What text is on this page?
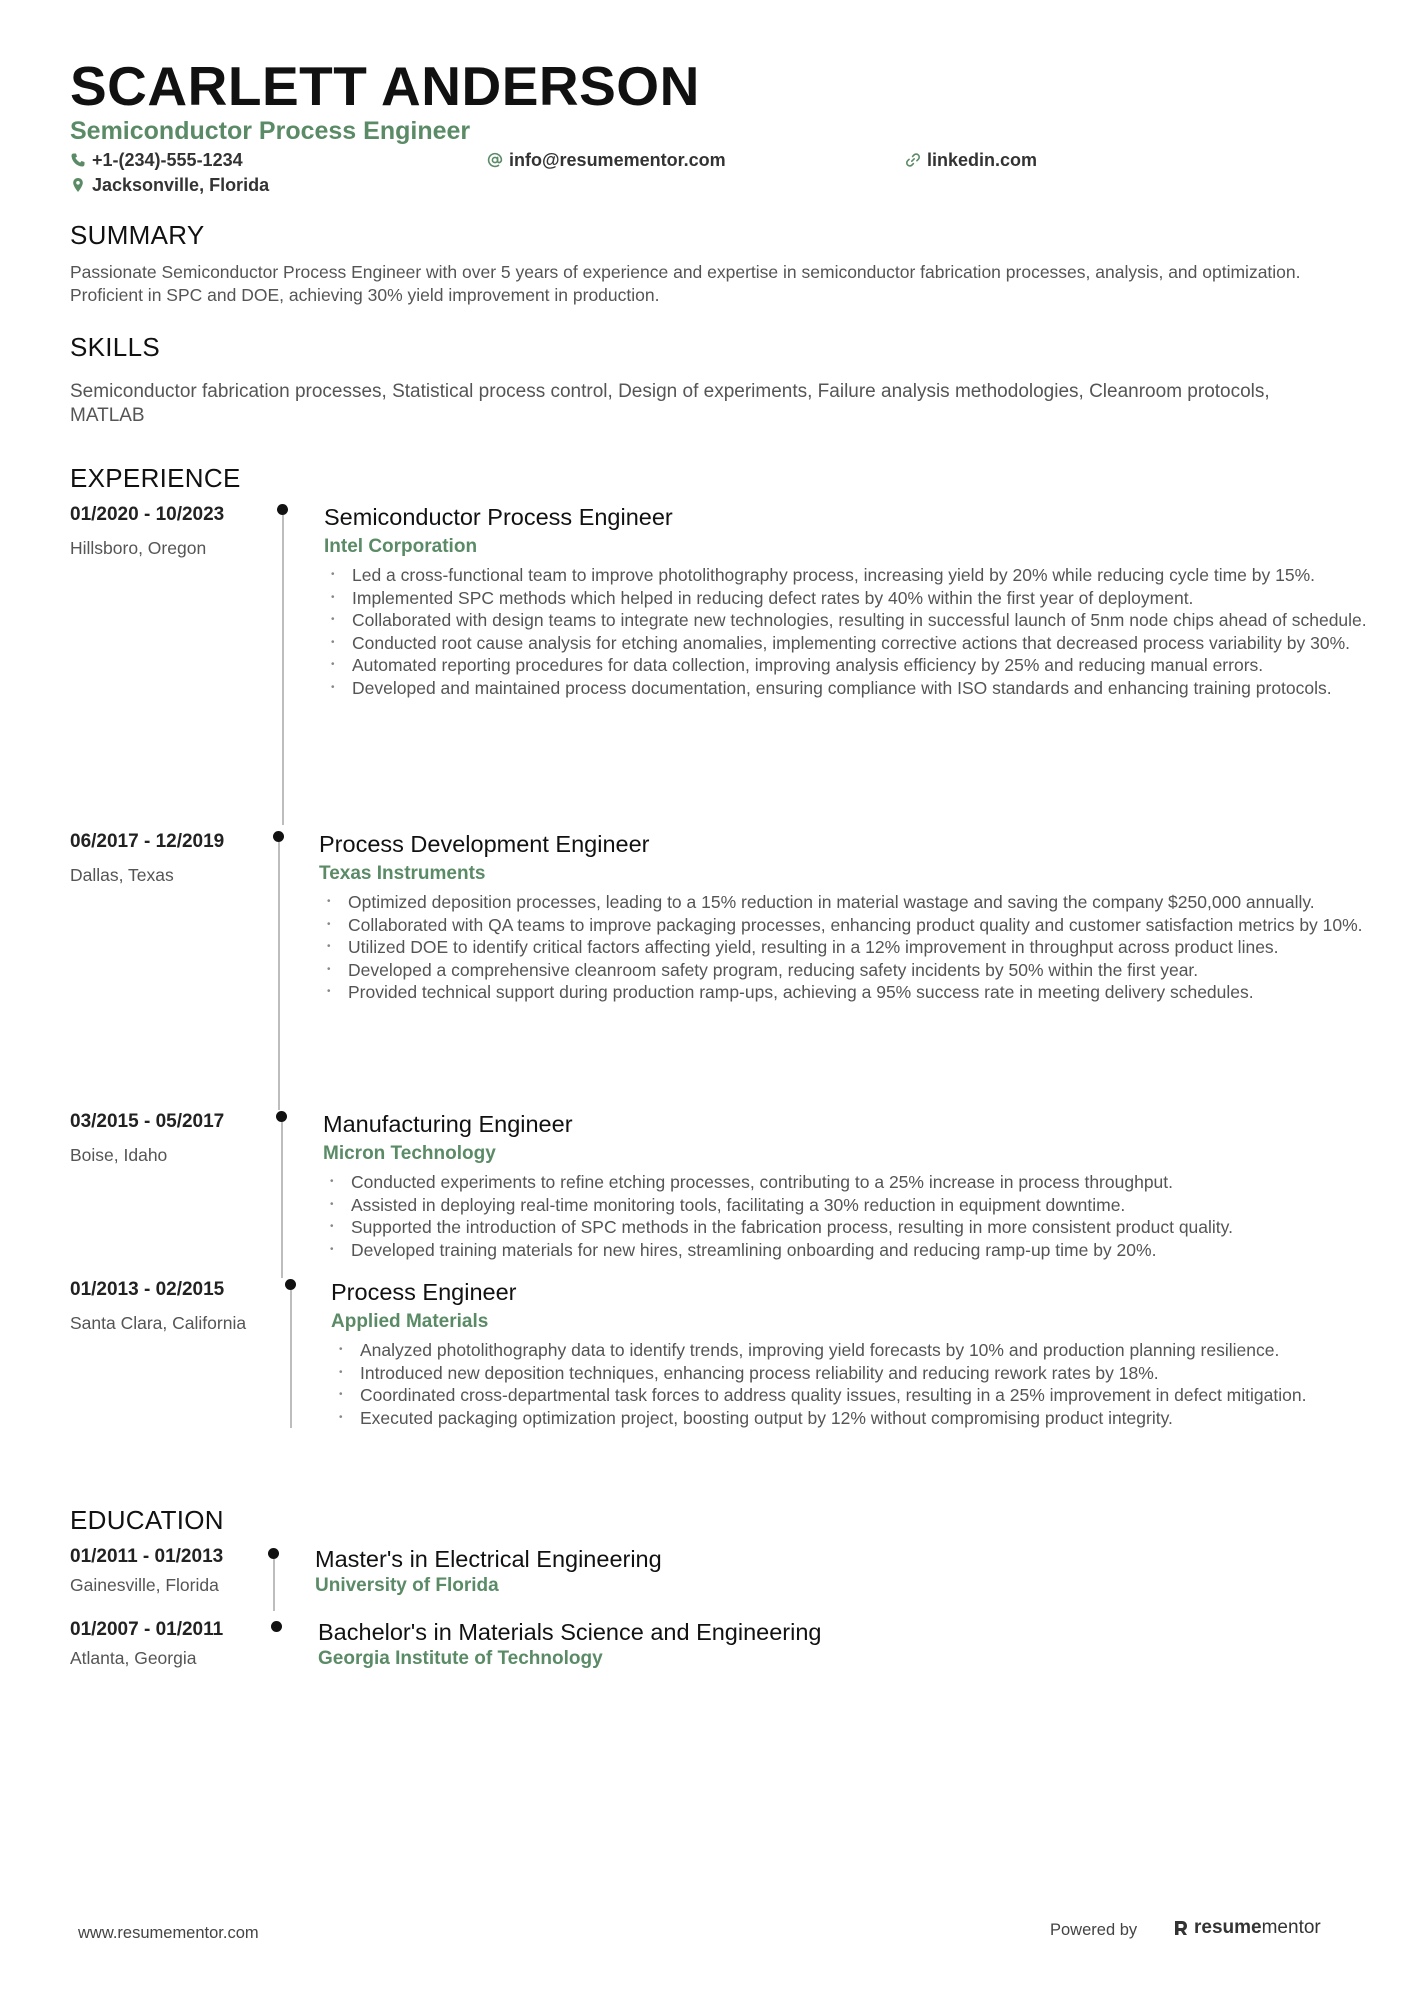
SCARLETT ANDERSON
Semiconductor Process Engineer
+1-(234)-555-1234	info@resumementor.com	linkedin.com
Jacksonville, Florida
SUMMARY
Passionate Semiconductor Process Engineer with over 5 years of experience and expertise in semiconductor fabrication processes, analysis, and optimization. Proficient in SPC and DOE, achieving 30% yield improvement in production.
SKILLS
Semiconductor fabrication processes, Statistical process control, Design of experiments, Failure analysis methodologies, Cleanroom protocols, MATLAB
EXPERIENCE
01/2020 - 10/2023
Hillsboro, Oregon
Semiconductor Process Engineer
Intel Corporation
• Led a cross-functional team to improve photolithography process, increasing yield by 20% while reducing cycle time by 15%.
• Implemented SPC methods which helped in reducing defect rates by 40% within the first year of deployment.
• Collaborated with design teams to integrate new technologies, resulting in successful launch of 5nm node chips ahead of schedule.
• Conducted root cause analysis for etching anomalies, implementing corrective actions that decreased process variability by 30%.
• Automated reporting procedures for data collection, improving analysis efficiency by 25% and reducing manual errors.
• Developed and maintained process documentation, ensuring compliance with ISO standards and enhancing training protocols.
06/2017 - 12/2019
Dallas, Texas
Process Development Engineer
Texas Instruments
• Optimized deposition processes, leading to a 15% reduction in material wastage and saving the company $250,000 annually.
• Collaborated with QA teams to improve packaging processes, enhancing product quality and customer satisfaction metrics by 10%.
• Utilized DOE to identify critical factors affecting yield, resulting in a 12% improvement in throughput across product lines.
• Developed a comprehensive cleanroom safety program, reducing safety incidents by 50% within the first year.
• Provided technical support during production ramp-ups, achieving a 95% success rate in meeting delivery schedules.
03/2015 - 05/2017
Boise, Idaho
Manufacturing Engineer
Micron Technology
• Conducted experiments to refine etching processes, contributing to a 25% increase in process throughput.
• Assisted in deploying real-time monitoring tools, facilitating a 30% reduction in equipment downtime.
• Supported the introduction of SPC methods in the fabrication process, resulting in more consistent product quality.
• Developed training materials for new hires, streamlining onboarding and reducing ramp-up time by 20%.
01/2013 - 02/2015
Santa Clara, California
Process Engineer
Applied Materials
• Analyzed photolithography data to identify trends, improving yield forecasts by 10% and production planning resilience.
• Introduced new deposition techniques, enhancing process reliability and reducing rework rates by 18%.
• Coordinated cross-departmental task forces to address quality issues, resulting in a 25% improvement in defect mitigation.
• Executed packaging optimization project, boosting output by 12% without compromising product integrity.
EDUCATION
01/2011 - 01/2013
Gainesville, Florida
Master's in Electrical Engineering
University of Florida
01/2007 - 01/2011
Atlanta, Georgia
Bachelor's in Materials Science and Engineering
Georgia Institute of Technology
www.resumementor.com	Powered by	resume mentor
